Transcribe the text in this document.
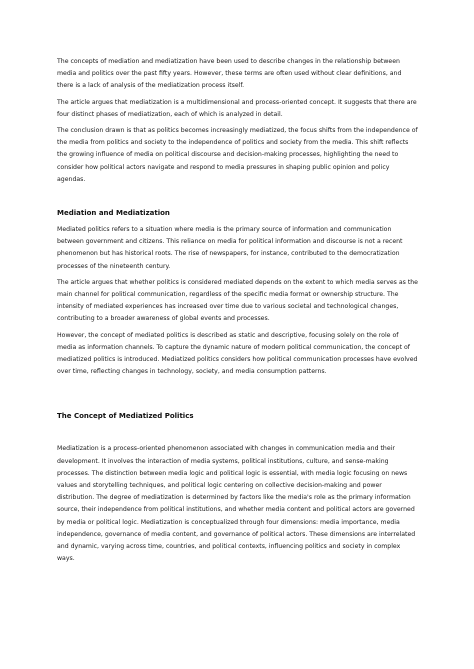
The concepts of mediation and mediatization have been used to describe changes in the relationship between media and politics over the past fifty years. However, these terms are often used without clear definitions, and there is a lack of analysis of the mediatization process itself.

The article argues that mediatization is a multidimensional and process-oriented concept. It suggests that there are four distinct phases of mediatization, each of which is analyzed in detail.

The conclusion drawn is that as politics becomes increasingly mediatized, the focus shifts from the independence of the media from politics and society to the independence of politics and society from the media. This shift reflects the growing influence of media on political discourse and decision-making processes, highlighting the need to consider how political actors navigate and respond to media pressures in shaping public opinion and policy agendas.

Mediation and Mediatization

Mediated politics refers to a situation where media is the primary source of information and communication between government and citizens. This reliance on media for political information and discourse is not a recent phenomenon but has historical roots. The rise of newspapers, for instance, contributed to the democratization processes of the nineteenth century.

The article argues that whether politics is considered mediated depends on the extent to which media serves as the main channel for political communication, regardless of the specific media format or ownership structure. The intensity of mediated experiences has increased over time due to various societal and technological changes, contributing to a broader awareness of global events and processes.

However, the concept of mediated politics is described as static and descriptive, focusing solely on the role of media as information channels. To capture the dynamic nature of modern political communication, the concept of mediatized politics is introduced. Mediatized politics considers how political communication processes have evolved over time, reflecting changes in technology, society, and media consumption patterns.

The Concept of Mediatized Politics

Mediatization is a process-oriented phenomenon associated with changes in communication media and their development. It involves the interaction of media systems, political institutions, culture, and sense-making processes. The distinction between media logic and political logic is essential, with media logic focusing on news values and storytelling techniques, and political logic centering on collective decision-making and power distribution. The degree of mediatization is determined by factors like the media's role as the primary information source, their independence from political institutions, and whether media content and political actors are governed by media or political logic. Mediatization is conceptualized through four dimensions: media importance, media independence, governance of media content, and governance of political actors. These dimensions are interrelated and dynamic, varying across time, countries, and political contexts, influencing politics and society in complex ways.
